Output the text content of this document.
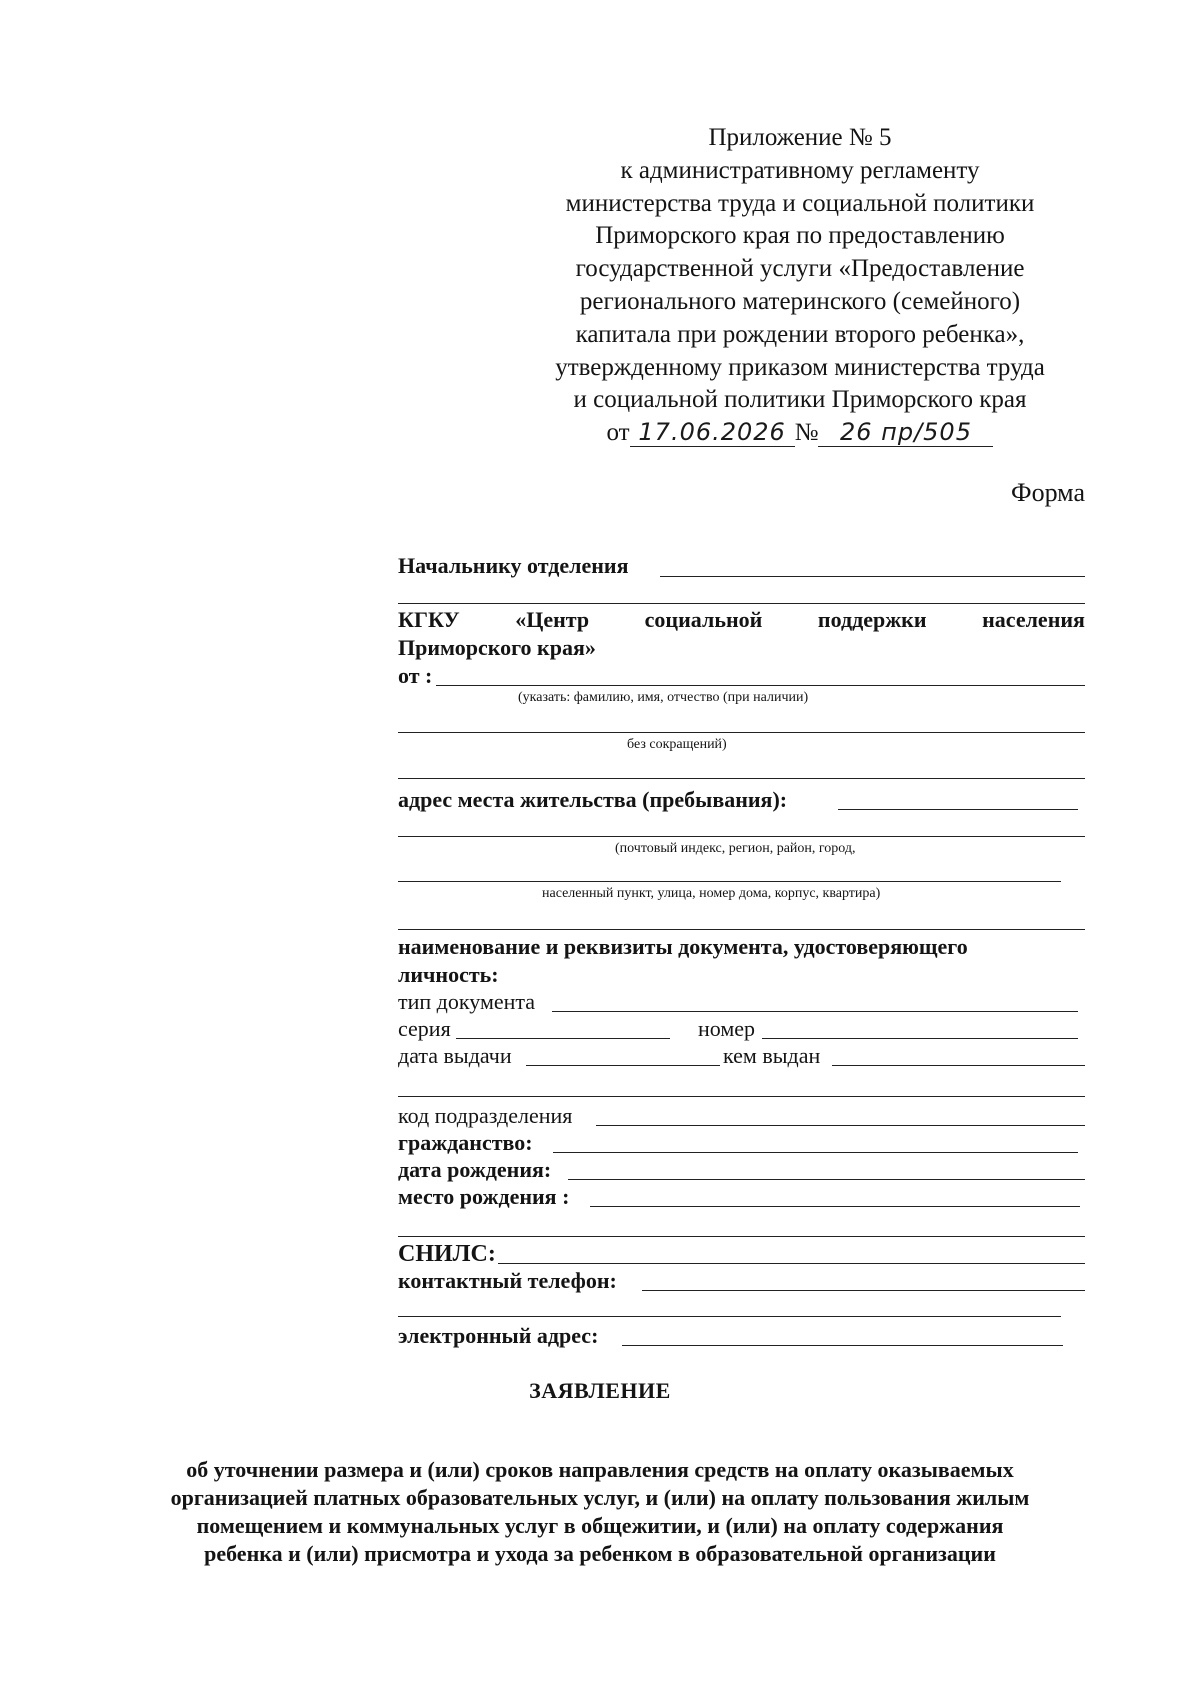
Приложение № 5
к административному регламенту
министерства труда и социальной политики
Приморского края по предоставлению
государственной услуги «Предоставление
регионального материнского (семейного)
капитала при рождении второго ребенка»,
утвержденному приказом министерства труда
и социальной политики Приморского края
от 17.06.2026 № 26 пр/505
Форма
Начальнику отделения
КГКУ	«Центр	социальной	поддержки	населения
Приморского края»
от :
(указать: фамилию, имя, отчество (при наличии)
без сокращений)
адрес места жительства (пребывания):
(почтовый индекс, регион, район, город,
населенный пункт, улица, номер дома, корпус, квартира)
наименование и реквизиты документа, удостоверяющего
личность:
тип документа
серия	номер
дата выдачи	кем выдан
код подразделения
гражданство:
дата рождения:
место рождения :
СНИЛС:
контактный телефон:
электронный адрес:
ЗАЯВЛЕНИЕ
об уточнении размера и (или) сроков направления средств на оплату оказываемых
организацией платных образовательных услуг, и (или) на оплату пользования жилым
помещением и коммунальных услуг в общежитии, и (или) на оплату содержания
ребенка и (или) присмотра и ухода за ребенком в образовательной организации
